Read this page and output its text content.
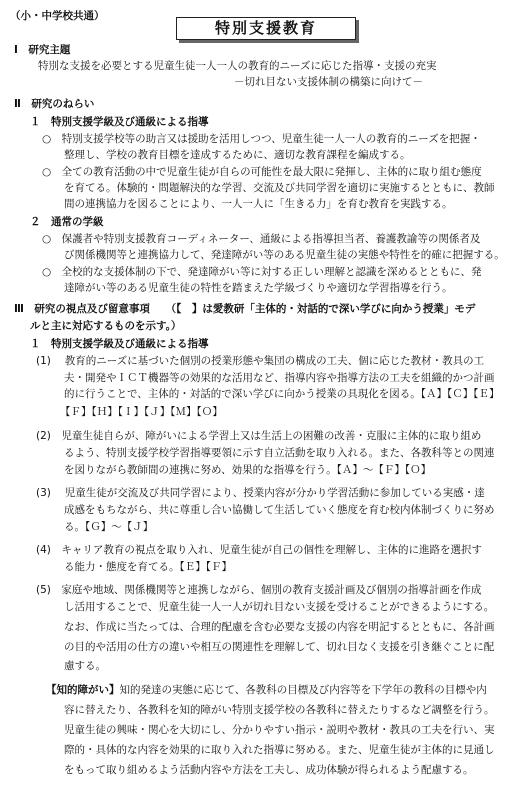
（小・中学校共通）
特別支援教育
Ⅰ　研究主題
特別な支援を必要とする児童生徒一人一人の教育的ニーズに応じた指導・支援の充実
－切れ目ない支援体制の構築に向けて－
Ⅱ　研究のねらい
１　特別支援学級及び通級による指導
○　特別支援学校等の助言又は援助を活用しつつ、児童生徒一人一人の教育的ニーズを把握・
整理し、学校の教育目標を達成するために、適切な教育課程を編成する。
○　全ての教育活動の中で児童生徒が自らの可能性を最大限に発揮し、主体的に取り組む態度
を育てる。体験的・問題解決的な学習、交流及び共同学習を適切に実施するとともに、教師
間の連携協力を図ることにより、一人一人に「生きる力」を育む教育を実践する。
２　通常の学級
○　保護者や特別支援教育コーディネーター、通級による指導担当者、養護教諭等の関係者及
び関係機関等と連携協力して、発達障がい等のある児童生徒の実態や特性を的確に把握する。
○　全校的な支援体制の下で、発達障がい等に対する正しい理解と認識を深めるとともに、発
達障がい等のある児童生徒の特性を踏まえた学級づくりや適切な学習指導を行う。
Ⅲ　研究の視点及び留意事項　　（【　】は愛教研「主体的・対話的で深い学びに向かう授業」モデ
ルと主に対応するものを示す。）
１　特別支援学級及び通級による指導
(1)　 教育的ニーズに基づいた個別の授業形態や集団の構成の工夫、個に応じた教材・教具の工
夫・開発やＩＣＴ機器等の効果的な活用など、指導内容や指導方法の工夫を組織的かつ計画
的に行うことで、主体的・対話的で深い学びに向かう授業の具現化を図る。【Ａ】【Ｃ】【Ｅ】
【Ｆ】【Ｈ】【Ｉ】【Ｊ】【Ｍ】【Ｏ】
(2)　児童生徒自らが、障がいによる学習上又は生活上の困難の改善・克服に主体的に取り組め
るよう、特別支援学校学習指導要領に示す自立活動を取り入れる。また、各教科等との関連
を図りながら教師間の連携に努め、効果的な指導を行う。【Ａ】～【Ｆ】【Ｏ】
(3)　 児童生徒が交流及び共同学習により、授業内容が分かり学習活動に参加している実感・達
成感をもちながら、共に尊重し合い協働して生活していく態度を育む校内体制づくりに努め
る。【Ｇ】～【Ｊ】
(4)　キャリア教育の視点を取り入れ、児童生徒が自己の個性を理解し、主体的に進路を選択す
る能力・態度を育てる。【Ｅ】【Ｆ】
(5)　家庭や地域、関係機関等と連携しながら、個別の教育支援計画及び個別の指導計画を作成
し活用することで、児童生徒一人一人が切れ目ない支援を受けることができるようにする。
なお、作成に当たっては、合理的配慮を含む必要な支援の内容を明記するとともに、各計画
の目的や活用の仕方の違いや相互の関連性を理解して、切れ目なく支援を引き継ぐことに配
慮する。
【知的障がい】知的発達の実態に応じて、各教科の目標及び内容等を下学年の教科の目標や内
容に替えたり、各教科を知的障がい特別支援学校の各教科に替えたりするなど調整を行う。
児童生徒の興味・関心を大切にし、分かりやすい指示・説明や教材・教具の工夫を行い、実
際的・具体的な内容を効果的に取り入れた指導に努める。また、児童生徒が主体的に見通し
をもって取り組めるよう活動内容や方法を工夫し、成功体験が得られるよう配慮する。
